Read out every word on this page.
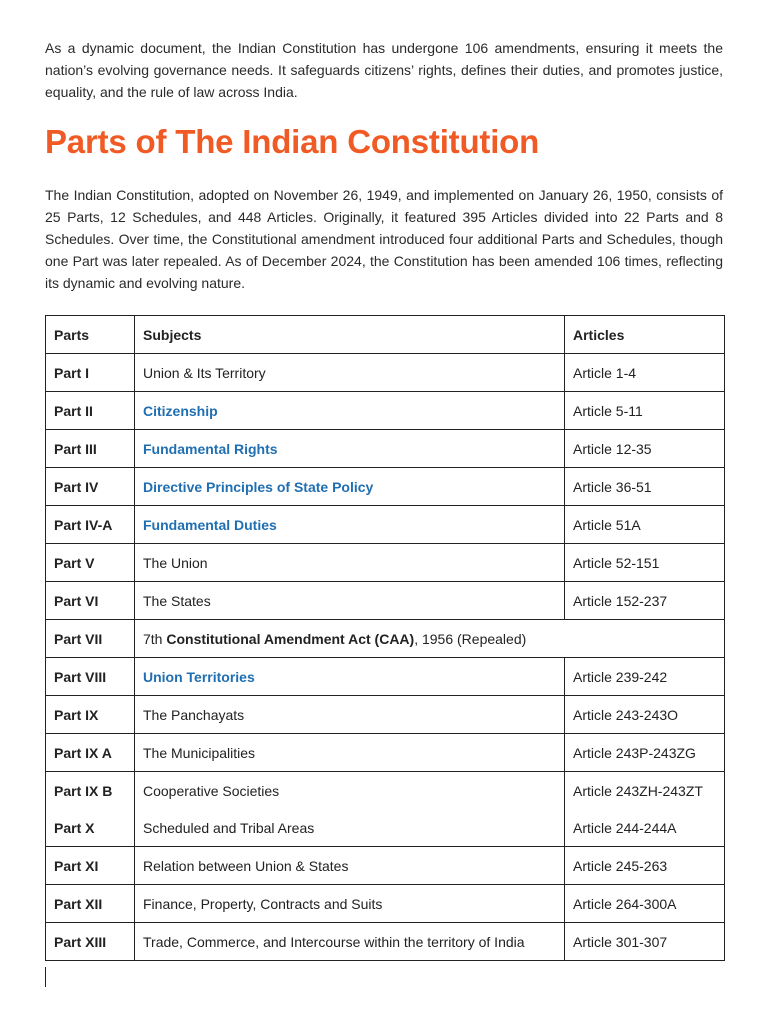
As a dynamic document, the Indian Constitution has undergone 106 amendments, ensuring it meets the nation’s evolving governance needs. It safeguards citizens’ rights, defines their duties, and promotes justice, equality, and the rule of law across India.

Parts of The Indian Constitution

The Indian Constitution, adopted on November 26, 1949, and implemented on January 26, 1950, consists of 25 Parts, 12 Schedules, and 448 Articles. Originally, it featured 395 Articles divided into 22 Parts and 8 Schedules. Over time, the Constitutional amendment introduced four additional Parts and Schedules, though one Part was later repealed. As of December 2024, the Constitution has been amended 106 times, reflecting its dynamic and evolving nature.

Parts	Subjects	Articles
Part I	Union & Its Territory	Article 1-4
Part II	Citizenship	Article 5-11
Part III	Fundamental Rights	Article 12-35
Part IV	Directive Principles of State Policy	Article 36-51
Part IV-A	Fundamental Duties	Article 51A
Part V	The Union	Article 52-151
Part VI	The States	Article 152-237
Part VII	7th Constitutional Amendment Act (CAA), 1956 (Repealed)	
Part VIII	Union Territories	Article 239-242
Part IX	The Panchayats	Article 243-243O
Part IX A	The Municipalities	Article 243P-243ZG
Part IX B	Cooperative Societies	Article 243ZH-243ZT
Part X	Scheduled and Tribal Areas	Article 244-244A
Part XI	Relation between Union & States	Article 245-263
Part XII	Finance, Property, Contracts and Suits	Article 264-300A
Part XIII	Trade, Commerce, and Intercourse within the territory of India	Article 301-307
